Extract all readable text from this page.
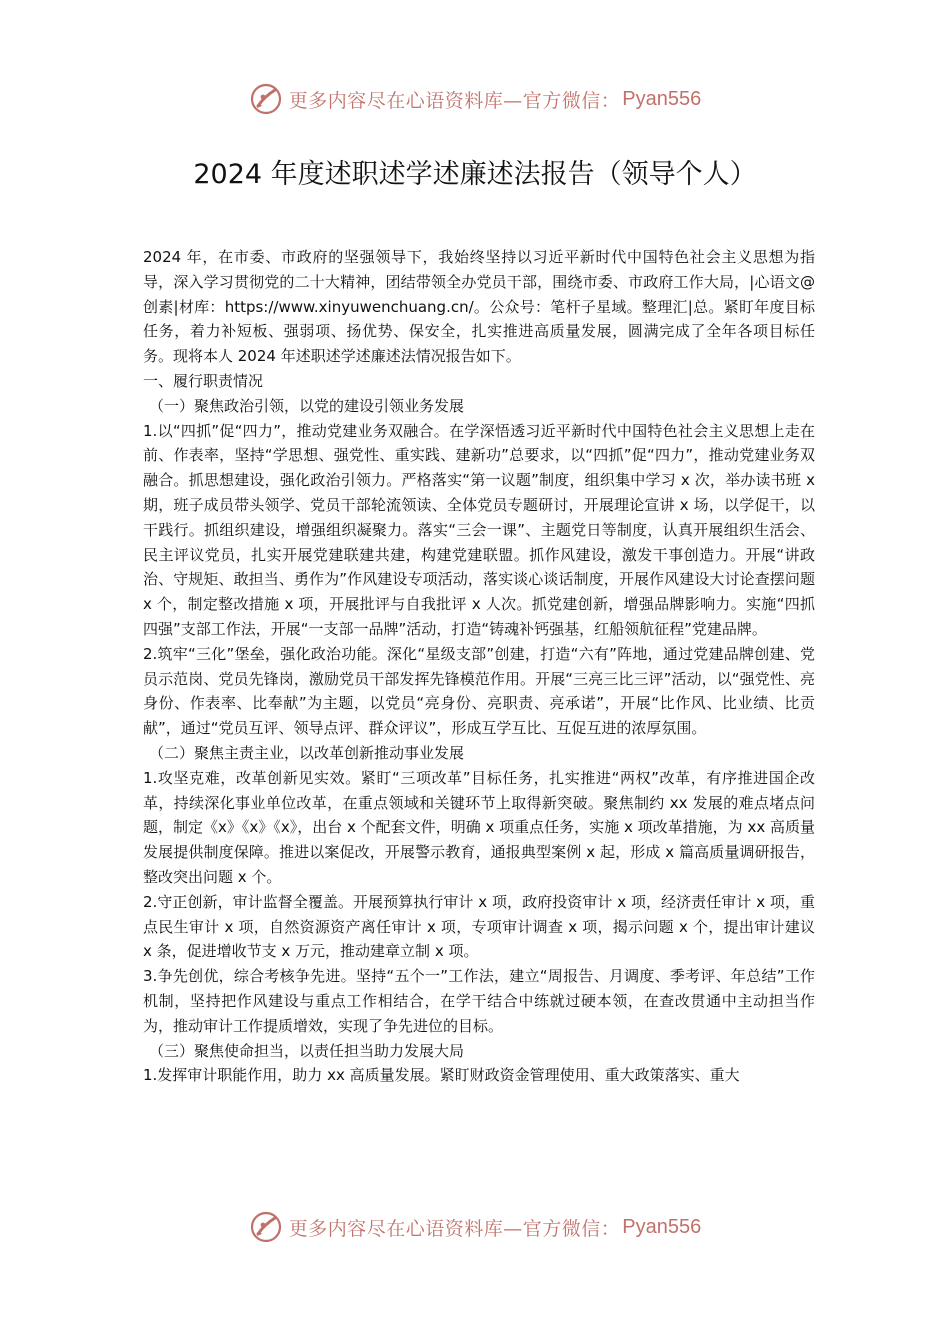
更多内容尽在心语资料库—官方微信： Pyan556
2024 年度述职述学述廉述法报告（领导个人）

2024 年，在市委、市政府的坚强领导下，我始终坚持以习近平新时代中国特色社会主义思想为指导，深入学习贯彻党的二十大精神，团结带领全办党员干部，围绕市委、市政府工作大局，|心语文@创素|材库：https://www.xinyuwenchuang.cn/。公众号：笔杆子星域。整理汇|总。紧盯年度目标任务，着力补短板、强弱项、扬优势、保安全，扎实推进高质量发展，圆满完成了全年各项目标任务。现将本人 2024 年述职述学述廉述法情况报告如下。

一、履行职责情况

（一）聚焦政治引领，以党的建设引领业务发展

1.以“四抓”促“四力”，推动党建业务双融合。在学深悟透习近平新时代中国特色社会主义思想上走在前、作表率，坚持“学思想、强党性、重实践、建新功”总要求，以“四抓”促“四力”，推动党建业务双融合。抓思想建设，强化政治引领力。严格落实“第一议题”制度，组织集中学习 x 次，举办读书班 x 期，班子成员带头领学、党员干部轮流领读、全体党员专题研讨，开展理论宣讲 x 场，以学促干，以干践行。抓组织建设，增强组织凝聚力。落实“三会一课”、主题党日等制度，认真开展组织生活会、民主评议党员，扎实开展党建联建共建，构建党建联盟。抓作风建设，激发干事创造力。开展“讲政治、守规矩、敢担当、勇作为”作风建设专项活动，落实谈心谈话制度，开展作风建设大讨论查摆问题 x 个，制定整改措施 x 项，开展批评与自我批评 x 人次。抓党建创新，增强品牌影响力。实施“四抓四强”支部工作法，开展“一支部一品牌”活动，打造“铸魂补钙强基，红船领航征程”党建品牌。

2.筑牢“三化”堡垒，强化政治功能。深化“星级支部”创建，打造“六有”阵地，通过党建品牌创建、党员示范岗、党员先锋岗，激励党员干部发挥先锋模范作用。开展“三亮三比三评”活动，以“强党性、亮身份、作表率、比奉献”为主题，以党员“亮身份、亮职责、亮承诺”，开展“比作风、比业绩、比贡献”，通过“党员互评、领导点评、群众评议”，形成互学互比、互促互进的浓厚氛围。

（二）聚焦主责主业，以改革创新推动事业发展

1.攻坚克难，改革创新见实效。紧盯“三项改革”目标任务，扎实推进“两权”改革，有序推进国企改革，持续深化事业单位改革，在重点领域和关键环节上取得新突破。聚焦制约 xx 发展的难点堵点问题，制定《x》《x》《x》，出台 x 个配套文件，明确 x 项重点任务，实施 x 项改革措施，为 xx 高质量发展提供制度保障。推进以案促改，开展警示教育，通报典型案例 x 起，形成 x 篇高质量调研报告，整改突出问题 x 个。

2.守正创新，审计监督全覆盖。开展预算执行审计 x 项，政府投资审计 x 项，经济责任审计 x 项，重点民生审计 x 项，自然资源资产离任审计 x 项，专项审计调查 x 项，揭示问题 x 个，提出审计建议 x 条，促进增收节支 x 万元，推动建章立制 x 项。

3.争先创优，综合考核争先进。坚持“五个一”工作法，建立“周报告、月调度、季考评、年总结”工作机制，坚持把作风建设与重点工作相结合，在学干结合中练就过硬本领，在查改贯通中主动担当作为，推动审计工作提质增效，实现了争先进位的目标。

（三）聚焦使命担当，以责任担当助力发展大局

1.发挥审计职能作用，助力 xx 高质量发展。紧盯财政资金管理使用、重大政策落实、重大

更多内容尽在心语资料库—官方微信： Pyan556
